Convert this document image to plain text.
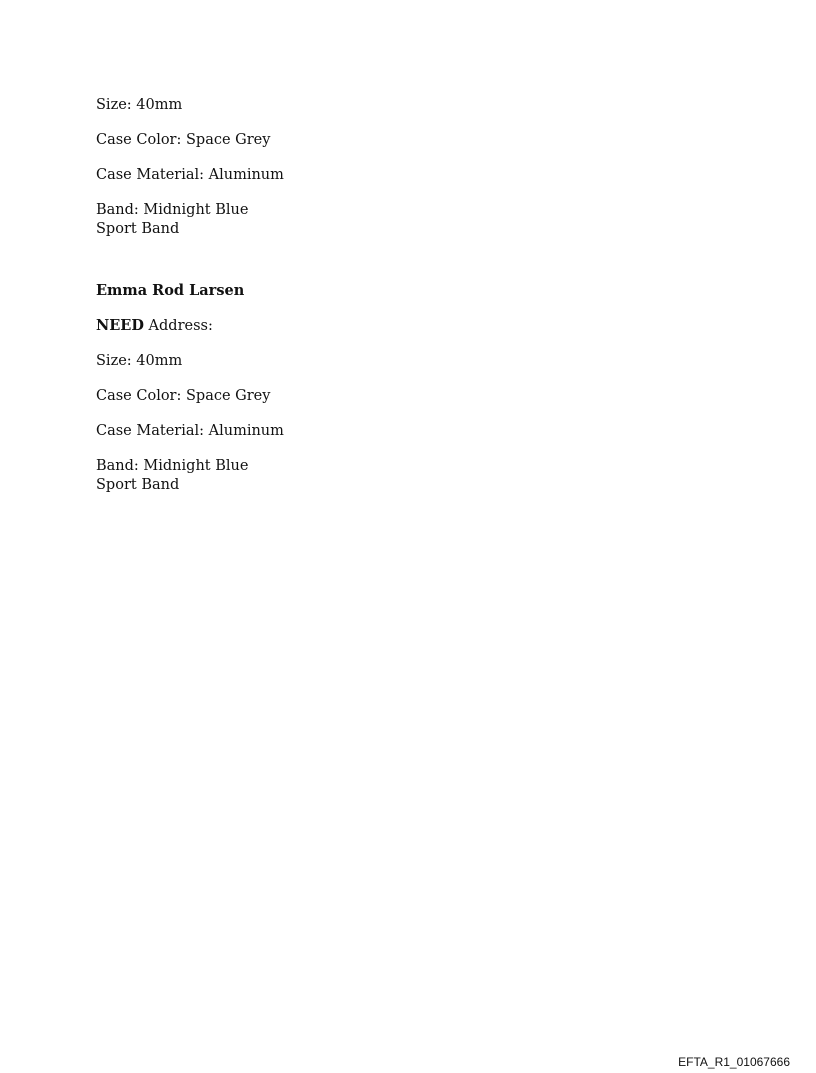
Size: 40mm

Case Color: Space Grey

Case Material: Aluminum

Band: Midnight Blue Sport Band

Emma Rod Larsen

NEED Address:

Size: 40mm

Case Color: Space Grey

Case Material: Aluminum

Band: Midnight Blue Sport Band

EFTA_R1_01067666
